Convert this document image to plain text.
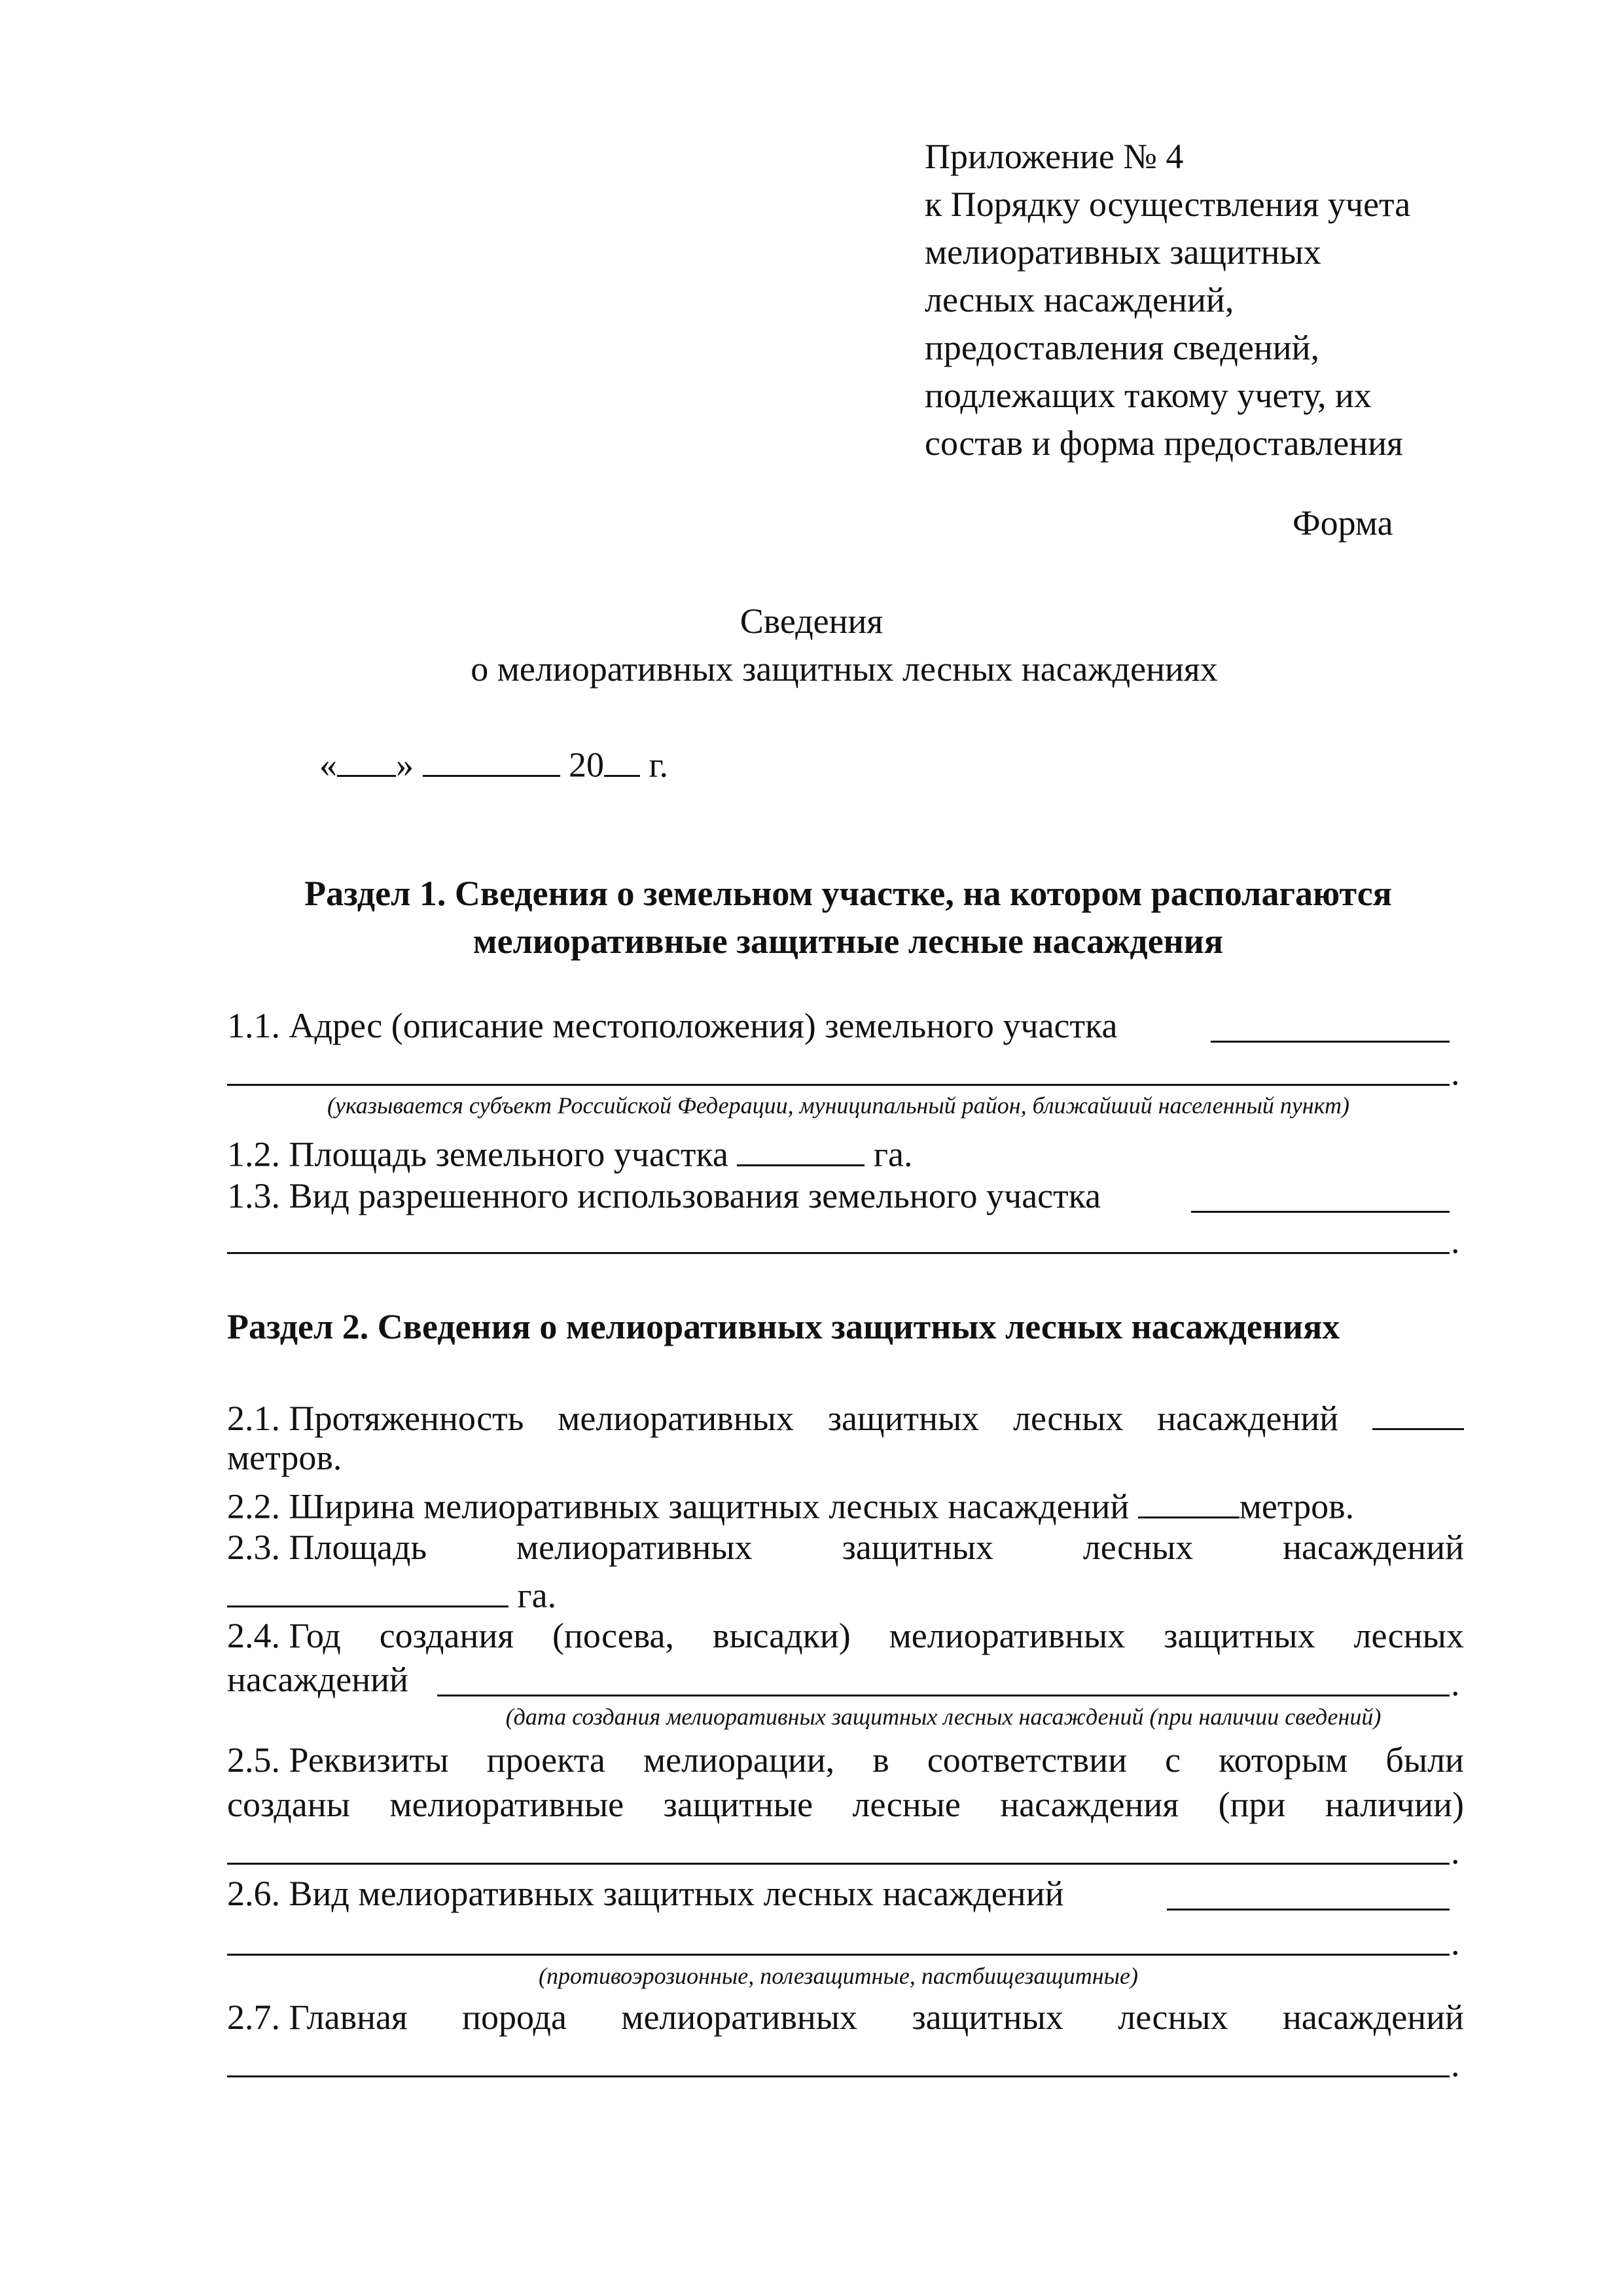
Приложение № 4
к Порядку осуществления учета
мелиоративных защитных
лесных насаждений,
предоставления сведений,
подлежащих такому учету, их
состав и форма предоставления
Форма
Сведения
о мелиоративных защитных лесных насаждениях
« »	20 г.
Раздел 1. Сведения о земельном участке, на котором располагаются
мелиоративные защитные лесные насаждения
1.1. Адрес (описание местоположения) земельного участка
.
(указывается субъект Российской Федерации, муниципальный район, ближайший населенный пункт)
1.2. Площадь земельного участка	га.
1.3. Вид разрешенного использования земельного участка
.
Раздел 2. Сведения о мелиоративных защитных лесных насаждениях
2.1. Протяженность мелиоративных защитных лесных насаждений
метров.
2.2. Ширина мелиоративных защитных лесных насаждений	метров.
2.3. Площадь	мелиоративных	защитных	лесных	насаждений
га.
2.4. Год создания (посева, высадки) мелиоративных защитных лесных
насаждений	.
(дата создания мелиоративных защитных лесных насаждений (при наличии сведений)
2.5. Реквизиты проекта мелиорации, в соответствии с которым были
созданы мелиоративные защитные лесные насаждения (при наличии)
.
2.6. Вид мелиоративных защитных лесных насаждений
.
(противоэрозионные, полезащитные, пастбищезащитные)
2.7. Главная порода мелиоративных защитных лесных насаждений
.
